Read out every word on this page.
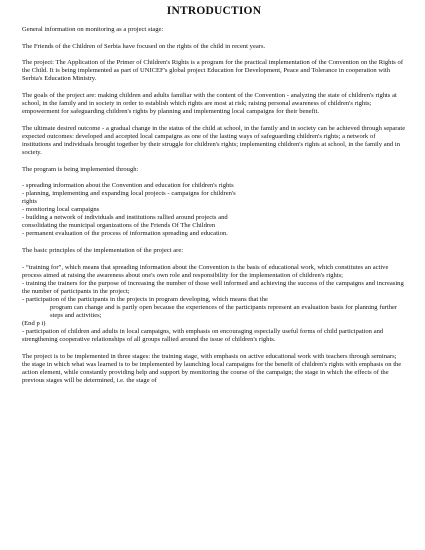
INTRODUCTION

General information on monitoring as a project stage:

The Friends of the Children of Serbia have focused on the rights of the child in recent years.

The project: The Application of the Primer of Children's Rights is a program for the practical implementation of the Convention on the Rights of the Child. It is being implemented as part of UNICEF's global project Education for Development, Peace and Tolerance in cooperation with Serbia's Education Ministry.

The goals of the project are: making children and adults familiar with the content of the Convention - analyzing the state of children's rights at school, in the family and in society in order to establish which rights are most at risk; raising personal awareness of children's rights; empowerment for safeguarding children's rights by planning and implementing local campaigns for their benefit.

The ultimate desired outcome - a gradual change in the status of the child at school, in the family and in society can be achieved through separate expected outcomes: developed and accepted local campaigns as one of the lasting ways of safeguarding children's rights; a network of institutions and individuals brought together by their struggle for children's rights; implementing children's rights at school, in the family and in society.

The program is being implemented through:

- spreading information about the Convention and education for children's rights
- planning, implementing and expanding local projects - campaigns for children's
rights
- monitoring local campaigns
- building a network of individuals and institutions rallied around projects and
consolidating the municipal organizations of the Friends Of The Children
- permanent evaluation of the process of information spreading and education.

The basic principles of the implementation of the project are:

- “training for”, which means that spreading information about the Convention is the basis of educational work, which constitutes an active process aimed at raising the awareness about one's own role and responsibility for the implementation of children's rights;
- training the trainers for the purpose of increasing the number of those well informed and achieving the success of the campaigns and increasing the number of participants in the project;
- participation of the participants in the projects in program developing, which means that the
program can change and is partly open because the experiences of the participants represent an evaluation basis for planning further steps and activities;
(End p i)
- participation of children and adults in local campaigns, with emphasis on encouraging especially useful forms of child participation and strengthening cooperative relationships of all groups rallied around the issue of children's rights.

The project is to be implemented in three stages: the training stage, with emphasis on active educational work with teachers through seminars; the stage in which what was learned is to be implemented by launching local campaigns for the benefit of children's rights with emphasis on the action element, while constantly providing help and support by monitoring the course of the campaign; the stage in which the effects of the previous stages will be determined, i.e. the stage of
